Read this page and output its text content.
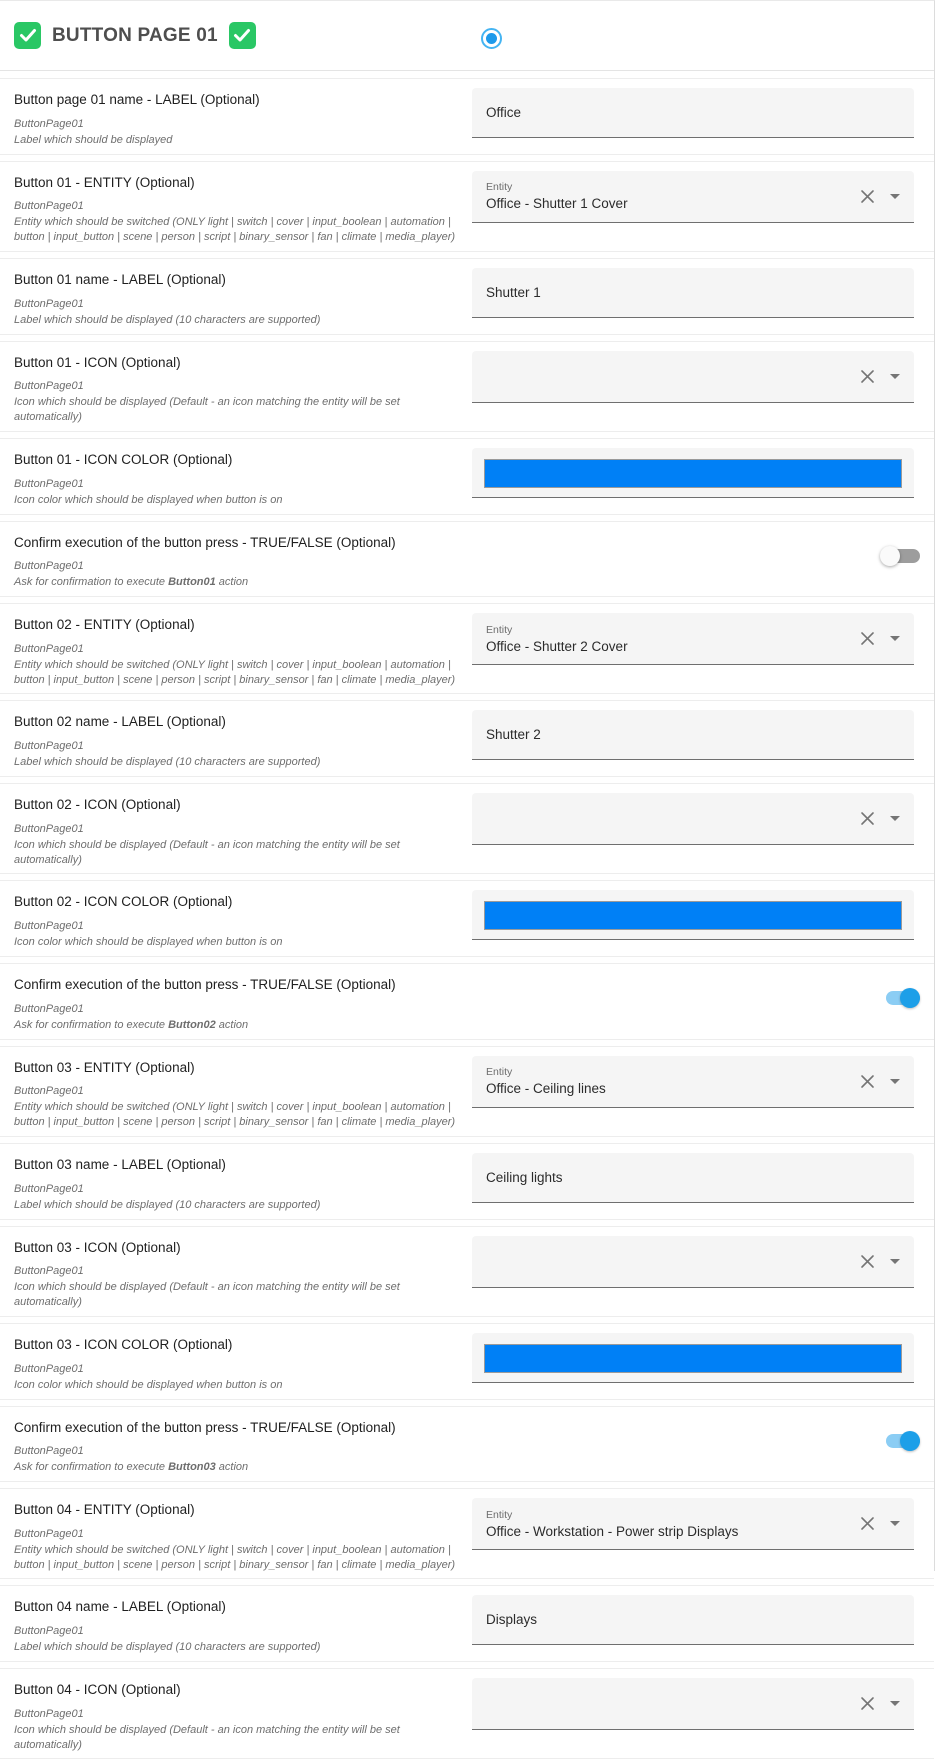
BUTTON PAGE 01
Button page 01 name - LABEL (Optional)
ButtonPage01
Label which should be displayed
Office
Button 01 - ENTITY (Optional)
ButtonPage01
Entity which should be switched (ONLY light | switch | cover | input_boolean | automation | button | input_button | scene | person | script | binary_sensor | fan | climate | media_player)
Entity
Office - Shutter 1 Cover
Button 01 name - LABEL (Optional)
ButtonPage01
Label which should be displayed (10 characters are supported)
Shutter 1
Button 01 - ICON (Optional)
ButtonPage01
Icon which should be displayed (Default - an icon matching the entity will be set automatically)
Button 01 - ICON COLOR (Optional)
ButtonPage01
Icon color which should be displayed when button is on
Confirm execution of the button press - TRUE/FALSE (Optional)
ButtonPage01
Ask for confirmation to execute Button01 action
Button 02 - ENTITY (Optional)
ButtonPage01
Entity which should be switched (ONLY light | switch | cover | input_boolean | automation | button | input_button | scene | person | script | binary_sensor | fan | climate | media_player)
Entity
Office - Shutter 2 Cover
Button 02 name - LABEL (Optional)
ButtonPage01
Label which should be displayed (10 characters are supported)
Shutter 2
Button 02 - ICON (Optional)
ButtonPage01
Icon which should be displayed (Default - an icon matching the entity will be set automatically)
Button 02 - ICON COLOR (Optional)
ButtonPage01
Icon color which should be displayed when button is on
Confirm execution of the button press - TRUE/FALSE (Optional)
ButtonPage01
Ask for confirmation to execute Button02 action
Button 03 - ENTITY (Optional)
ButtonPage01
Entity which should be switched (ONLY light | switch | cover | input_boolean | automation | button | input_button | scene | person | script | binary_sensor | fan | climate | media_player)
Entity
Office - Ceiling lines
Button 03 name - LABEL (Optional)
ButtonPage01
Label which should be displayed (10 characters are supported)
Ceiling lights
Button 03 - ICON (Optional)
ButtonPage01
Icon which should be displayed (Default - an icon matching the entity will be set automatically)
Button 03 - ICON COLOR (Optional)
ButtonPage01
Icon color which should be displayed when button is on
Confirm execution of the button press - TRUE/FALSE (Optional)
ButtonPage01
Ask for confirmation to execute Button03 action
Button 04 - ENTITY (Optional)
ButtonPage01
Entity which should be switched (ONLY light | switch | cover | input_boolean | automation | button | input_button | scene | person | script | binary_sensor | fan | climate | media_player)
Entity
Office - Workstation - Power strip Displays
Button 04 name - LABEL (Optional)
ButtonPage01
Label which should be displayed (10 characters are supported)
Displays
Button 04 - ICON (Optional)
ButtonPage01
Icon which should be displayed (Default - an icon matching the entity will be set automatically)
